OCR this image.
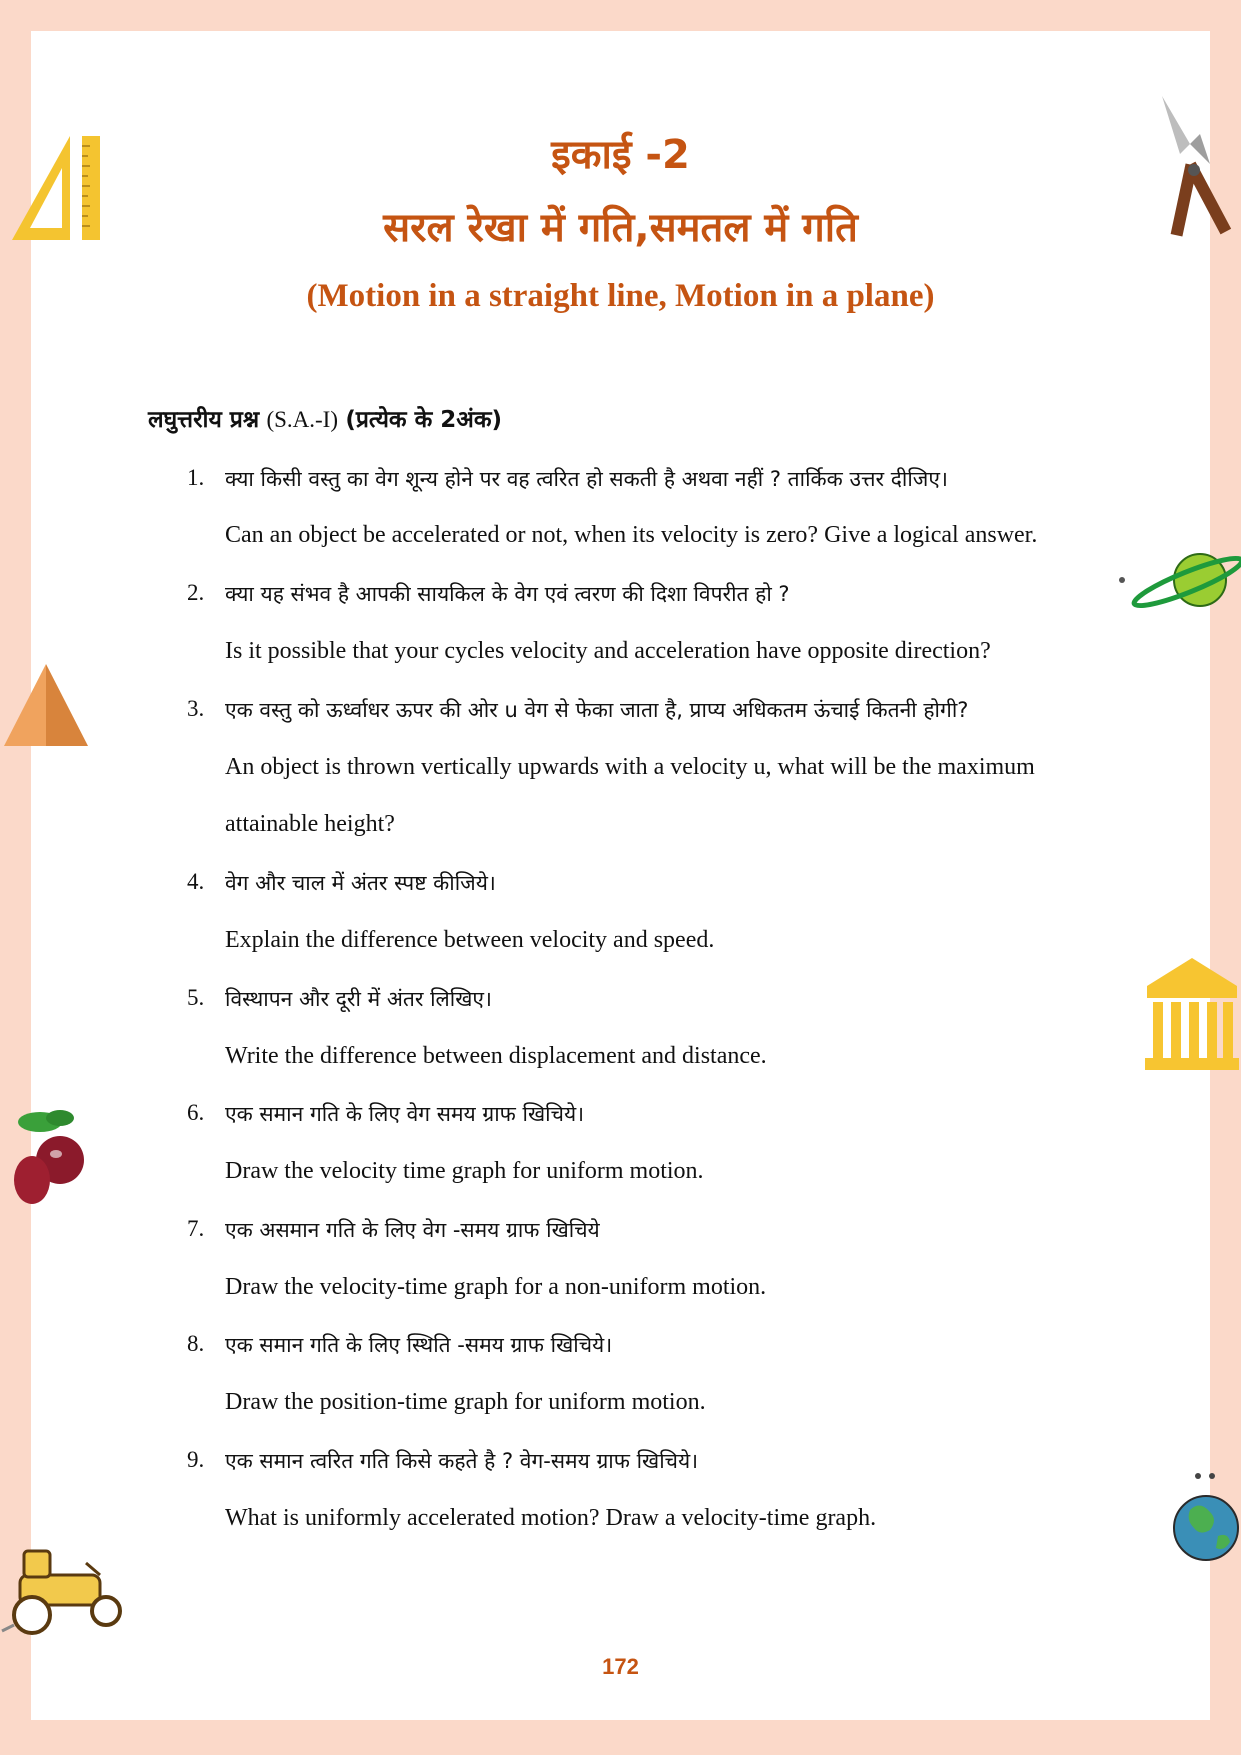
इकाई -2
सरल रेखा में गति,समतल में गति
(Motion in a straight line, Motion in a plane)
लघुत्तरीय प्रश्न (S.A.-I) (प्रत्येक के 2अंक)
1. क्या किसी वस्तु का वेग शून्य होने पर वह त्वरित हो सकती है अथवा नहीं ? तार्किक उत्तर दीजिए।
Can an object be accelerated or not, when its velocity is zero? Give a logical answer.
2. क्या यह संभव है आपकी सायकिल के वेग एवं त्वरण की दिशा विपरीत हो ?
Is it possible that your cycles velocity and acceleration have opposite direction?
3. एक वस्तु को ऊर्ध्वाधर ऊपर की ओर u वेग से फेका जाता है, प्राप्य अधिकतम ऊंचाई कितनी होगी?
An object is thrown vertically upwards with a velocity u, what will be the maximum
attainable height?
4. वेग और चाल में अंतर स्पष्ट कीजिये।
Explain the difference between velocity and speed.
5. विस्थापन और दूरी में अंतर लिखिए।
Write the difference between displacement and distance.
6. एक समान गति के लिए वेग समय ग्राफ खिचिये।
Draw the velocity time graph for uniform motion.
7. एक असमान गति के लिए वेग -समय ग्राफ खिचिये
Draw the velocity-time graph for a non-uniform motion.
8. एक समान गति के लिए स्थिति -समय ग्राफ खिचिये।
Draw the position-time graph for uniform motion.
9. एक समान त्वरित गति किसे कहते है ? वेग-समय ग्राफ खिचिये।
What is uniformly accelerated motion? Draw a velocity-time graph.
172
